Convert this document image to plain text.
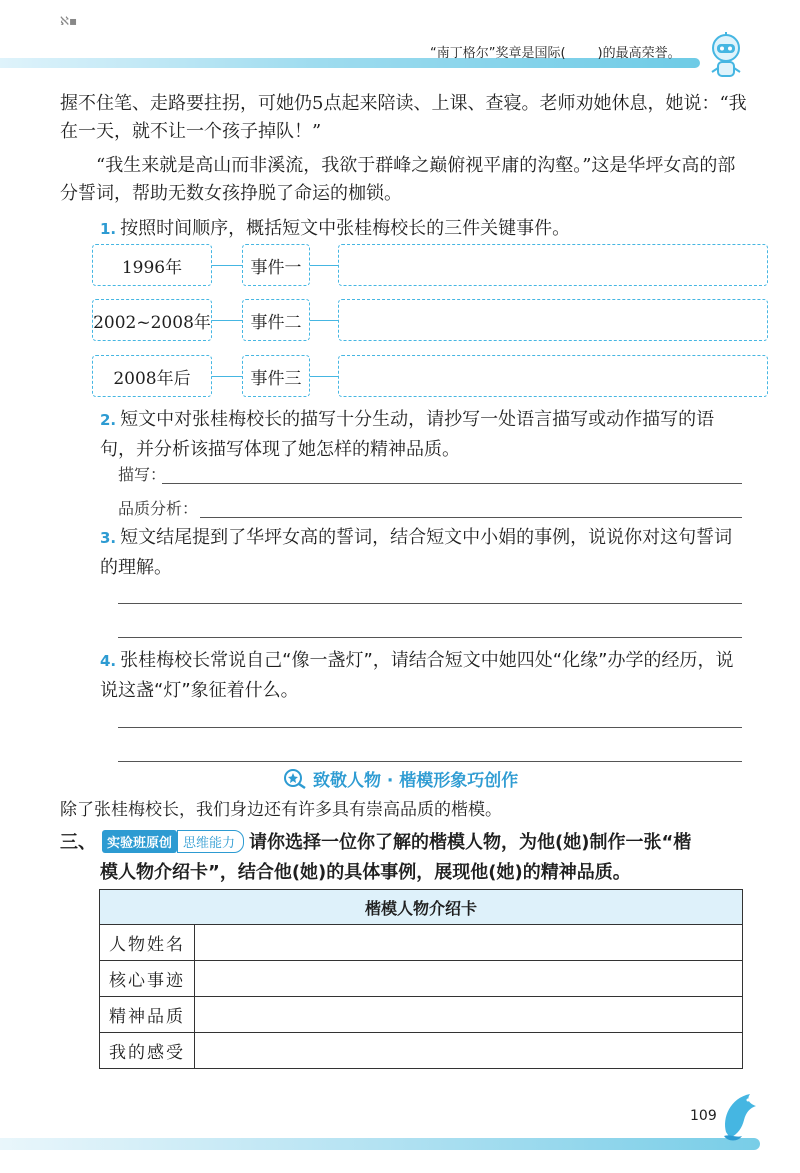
ℵ▪
“南丁格尔”奖章是国际( )的最高荣誉。
握不住笔、走路要拄拐，可她仍5点起来陪读、上课、查寝。老师劝她休息，她说：“我在一天，就不让一个孩子掉队！”
“我生来就是高山而非溪流，我欲于群峰之巅俯视平庸的沟壑。”这是华坪女高的部分誓词，帮助无数女孩挣脱了命运的枷锁。
1. 按照时间顺序，概括短文中张桂梅校长的三件关键事件。
1996年	事件一
2002~2008年	事件二
2008年后	事件三
2. 短文中对张桂梅校长的描写十分生动，请抄写一处语言描写或动作描写的语句，并分析该描写体现了她怎样的精神品质。
描写：
品质分析：
3. 短文结尾提到了华坪女高的誓词，结合短文中小娟的事例，说说你对这句誓词的理解。
4. 张桂梅校长常说自己“像一盏灯”，请结合短文中她四处“化缘”办学的经历，说说这盏“灯”象征着什么。
致敬人物 · 楷模形象巧创作
除了张桂梅校长，我们身边还有许多具有崇高品质的楷模。
三、 实验班原创 思维能力 请你选择一位你了解的楷模人物，为他(她)制作一张“楷
模人物介绍卡”，结合他(她)的具体事例，展现他(她)的精神品质。
楷模人物介绍卡
人物姓名
核心事迹
精神品质
我的感受
109
